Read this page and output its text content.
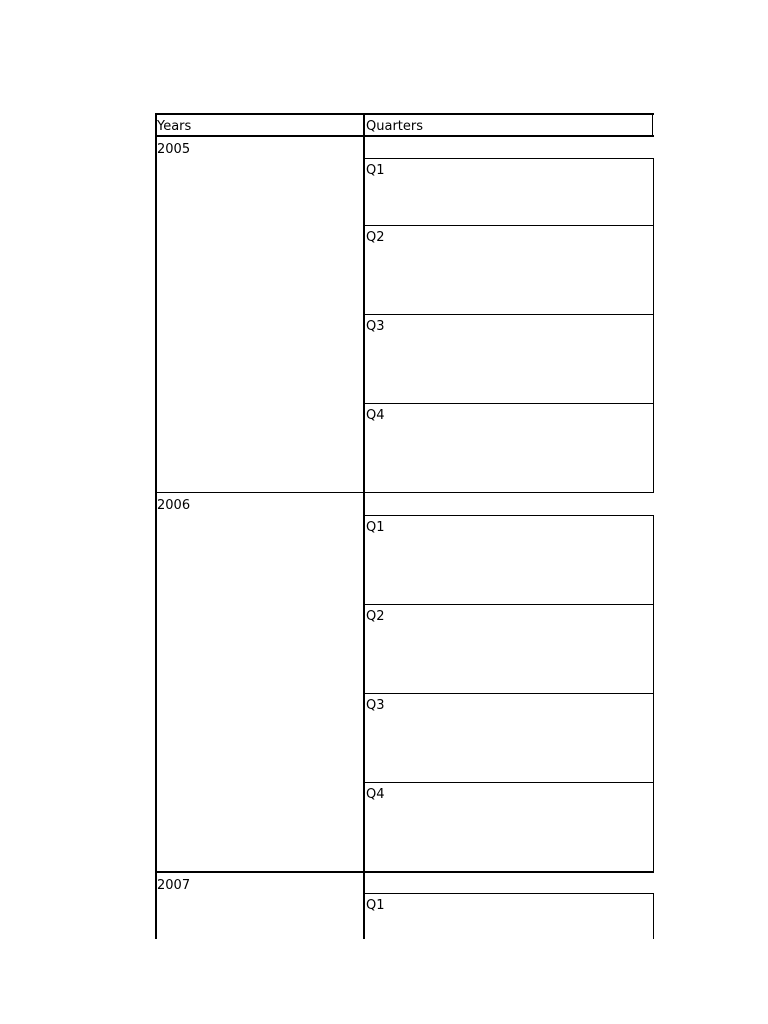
Years	Quarters
2005
Q1
Q2
Q3
Q4
2006
Q1
Q2
Q3
Q4
2007
Q1
